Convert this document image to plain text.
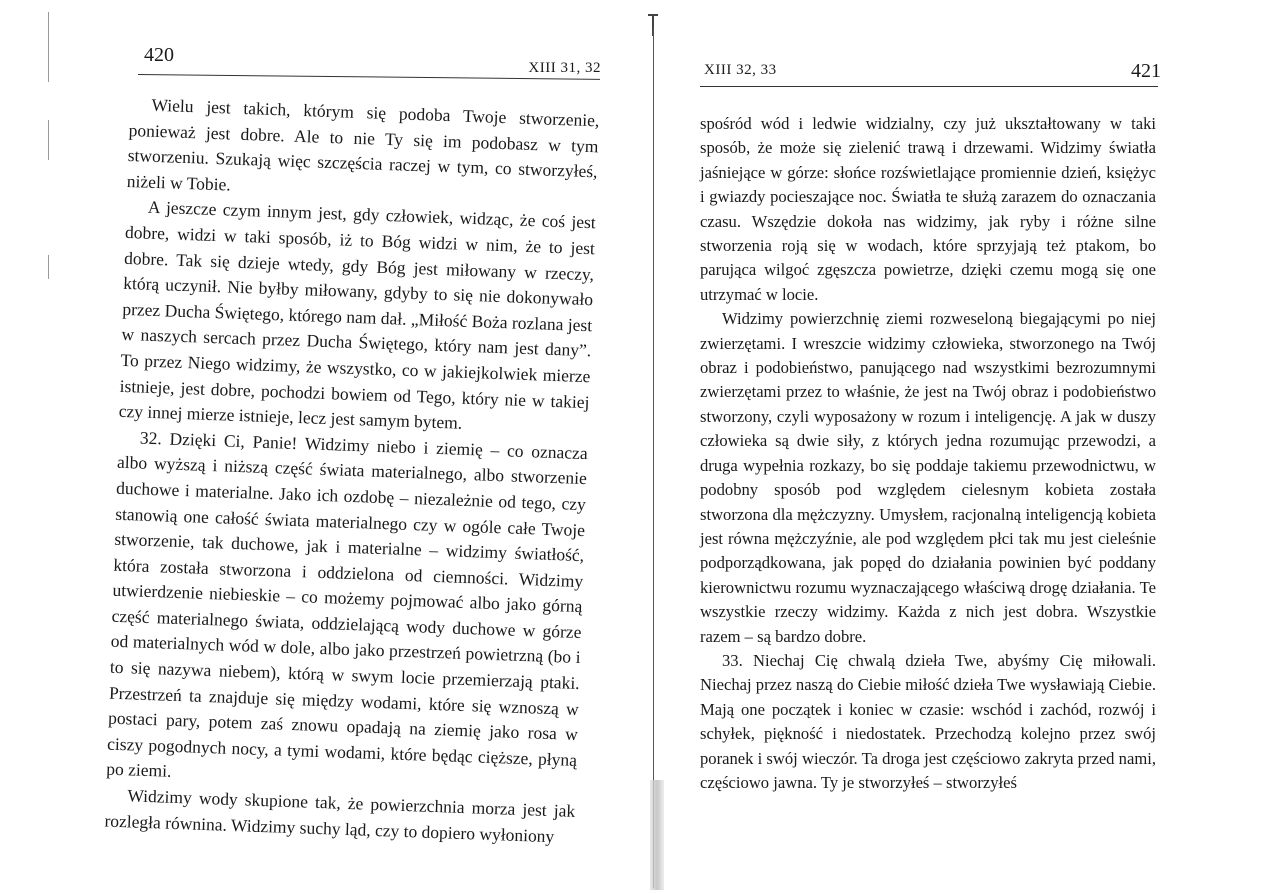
420
XIII 31, 32

Wielu jest takich, którym się podoba Twoje stworzenie, ponieważ jest dobre. Ale to nie Ty się im podobasz w tym stworzeniu. Szukają więc szczęścia raczej w tym, co stworzyłeś, niżeli w Tobie.

A jeszcze czym innym jest, gdy człowiek, widząc, że coś jest dobre, widzi w taki sposób, iż to Bóg widzi w nim, że to jest dobre. Tak się dzieje wtedy, gdy Bóg jest miłowany w rzeczy, którą uczynił. Nie byłby miłowany, gdyby to się nie dokonywało przez Ducha Świętego, którego nam dał. „Miłość Boża rozlana jest w naszych sercach przez Ducha Świętego, który nam jest dany”. To przez Niego widzimy, że wszystko, co w jakiejkolwiek mierze istnieje, jest dobre, pochodzi bowiem od Tego, który nie w takiej czy innej mierze istnieje, lecz jest samym bytem.

32. Dzięki Ci, Panie! Widzimy niebo i ziemię – co oznacza albo wyższą i niższą część świata materialnego, albo stworzenie duchowe i materialne. Jako ich ozdobę – niezależnie od tego, czy stanowią one całość świata materialnego czy w ogóle całe Twoje stworzenie, tak duchowe, jak i materialne – widzimy światłość, która została stworzona i oddzielona od ciemności. Widzimy utwierdzenie niebieskie – co możemy pojmować albo jako górną część materialnego świata, oddzielającą wody duchowe w górze od materialnych wód w dole, albo jako przestrzeń powietrzną (bo i to się nazywa niebem), którą w swym locie przemierzają ptaki. Przestrzeń ta znajduje się między wodami, które się wznoszą w postaci pary, potem zaś znowu opadają na ziemię jako rosa w ciszy pogodnych nocy, a tymi wodami, które będąc cięższe, płyną po ziemi.

Widzimy wody skupione tak, że powierzchnia morza jest jak rozległa równina. Widzimy suchy ląd, czy to dopiero wyłoniony

XIII 32, 33	421

spośród wód i ledwie widzialny, czy już ukształtowany w taki sposób, że może się zielenić trawą i drzewami. Widzimy światła jaśniejące w górze: słońce rozświetlające promiennie dzień, księżyc i gwiazdy pocieszające noc. Światła te służą zarazem do oznaczania czasu. Wszędzie dokoła nas widzimy, jak ryby i różne silne stworzenia roją się w wodach, które sprzyjają też ptakom, bo parująca wilgoć zgęszcza powietrze, dzięki czemu mogą się one utrzymać w locie.

Widzimy powierzchnię ziemi rozweseloną biegającymi po niej zwierzętami. I wreszcie widzimy człowieka, stworzonego na Twój obraz i podobieństwo, panującego nad wszystkimi bezrozumnymi zwierzętami przez to właśnie, że jest na Twój obraz i podobieństwo stworzony, czyli wyposażony w rozum i inteligencję. A jak w duszy człowieka są dwie siły, z których jedna rozumując przewodzi, a druga wypełnia rozkazy, bo się poddaje takiemu przewodnictwu, w podobny sposób pod względem cielesnym kobieta została stworzona dla mężczyzny. Umysłem, racjonalną inteligencją kobieta jest równa mężczyźnie, ale pod względem płci tak mu jest cieleśnie podporządkowana, jak popęd do działania powinien być poddany kierownictwu rozumu wyznaczającego właściwą drogę działania. Te wszystkie rzeczy widzimy. Każda z nich jest dobra. Wszystkie razem – są bardzo dobre.

33. Niechaj Cię chwalą dzieła Twe, abyśmy Cię miłowali. Niechaj przez naszą do Ciebie miłość dzieła Twe wysławiają Ciebie. Mają one początek i koniec w czasie: wschód i zachód, rozwój i schyłek, piękność i niedostatek. Przechodzą kolejno przez swój poranek i swój wieczór. Ta droga jest częściowo zakryta przed nami, częściowo jawna. Ty je stworzyłeś – stworzyłeś
